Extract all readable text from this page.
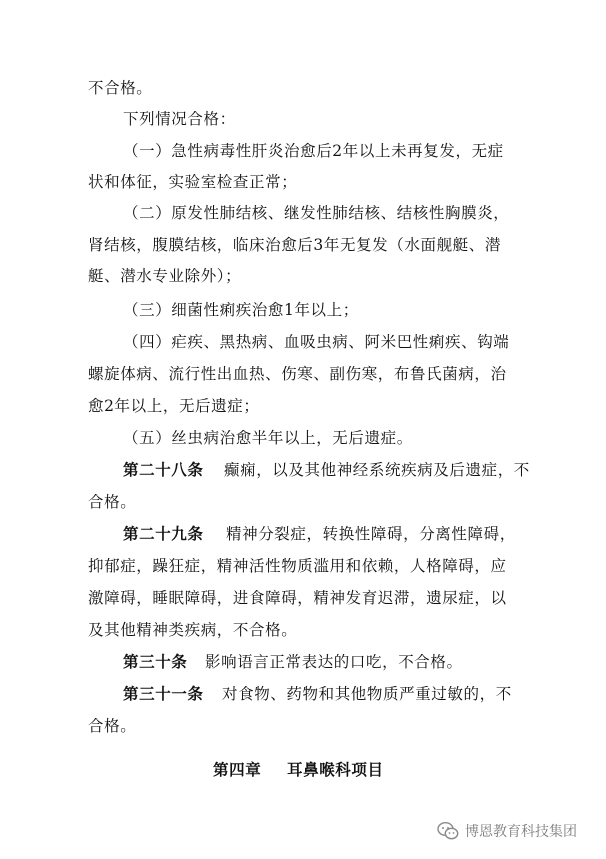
不合格。
下列情况合格：
（一）急性病毒性肝炎治愈后2年以上未再复发，无症
状和体征，实验室检查正常；
（二）原发性肺结核、继发性肺结核、结核性胸膜炎，
肾结核，腹膜结核，临床治愈后3年无复发（水面舰艇、潜
艇、潜水专业除外）；
（三）细菌性痢疾治愈1年以上；
（四）疟疾、黑热病、血吸虫病、阿米巴性痢疾、钩端
螺旋体病、流行性出血热、伤寒、副伤寒，布鲁氏菌病，治
愈2年以上，无后遗症；
（五）丝虫病治愈半年以上，无后遗症。
第二十八条 癫痫，以及其他神经系统疾病及后遗症，不
合格。
第二十九条 精神分裂症，转换性障碍，分离性障碍，
抑郁症，躁狂症，精神活性物质滥用和依赖，人格障碍，应
激障碍，睡眠障碍，进食障碍，精神发育迟滞，遗尿症，以
及其他精神类疾病，不合格。
第三十条 影响语言正常表达的口吃，不合格。
第三十一条 对食物、药物和其他物质严重过敏的，不
合格。
第四章 耳鼻喉科项目
博恩教育科技集团
